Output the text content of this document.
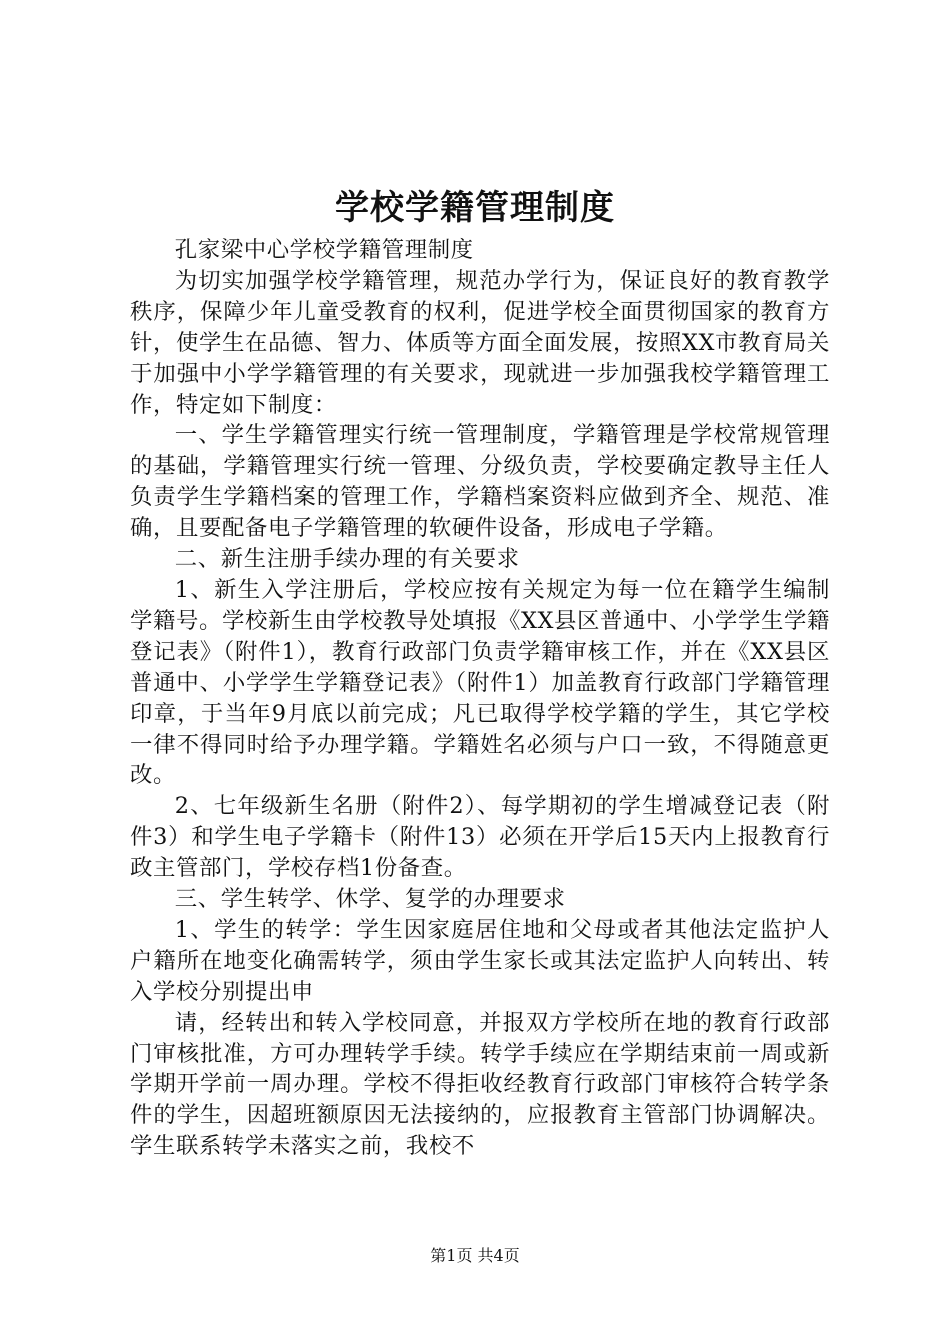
学校学籍管理制度

孔家梁中心学校学籍管理制度

为切实加强学校学籍管理，规范办学行为，保证良好的教育教学秩序，保障少年儿童受教育的权利，促进学校全面贯彻国家的教育方针，使学生在品德、智力、体质等方面全面发展，按照XX市教育局关于加强中小学学籍管理的有关要求，现就进一步加强我校学籍管理工作，特定如下制度：

一、学生学籍管理实行统一管理制度，学籍管理是学校常规管理的基础，学籍管理实行统一管理、分级负责，学校要确定教导主任人负责学生学籍档案的管理工作，学籍档案资料应做到齐全、规范、准确，且要配备电子学籍管理的软硬件设备，形成电子学籍。

二、新生注册手续办理的有关要求

1、新生入学注册后，学校应按有关规定为每一位在籍学生编制学籍号。学校新生由学校教导处填报《XX县区普通中、小学学生学籍登记表》（附件1），教育行政部门负责学籍审核工作，并在《XX县区普通中、小学学生学籍登记表》（附件1）加盖教育行政部门学籍管理印章，于当年9月底以前完成；凡已取得学校学籍的学生，其它学校一律不得同时给予办理学籍。学籍姓名必须与户口一致，不得随意更改。

2、七年级新生名册（附件2）、每学期初的学生增减登记表（附件3）和学生电子学籍卡（附件13）必须在开学后15天内上报教育行政主管部门，学校存档1份备查。

三、学生转学、休学、复学的办理要求

1、学生的转学：学生因家庭居住地和父母或者其他法定监护人户籍所在地变化确需转学，须由学生家长或其法定监护人向转出、转入学校分别提出申

请，经转出和转入学校同意，并报双方学校所在地的教育行政部门审核批准，方可办理转学手续。转学手续应在学期结束前一周或新学期开学前一周办理。学校不得拒收经教育行政部门审核符合转学条件的学生，因超班额原因无法接纳的，应报教育主管部门协调解决。学生联系转学未落实之前，我校不

第1页 共4页
